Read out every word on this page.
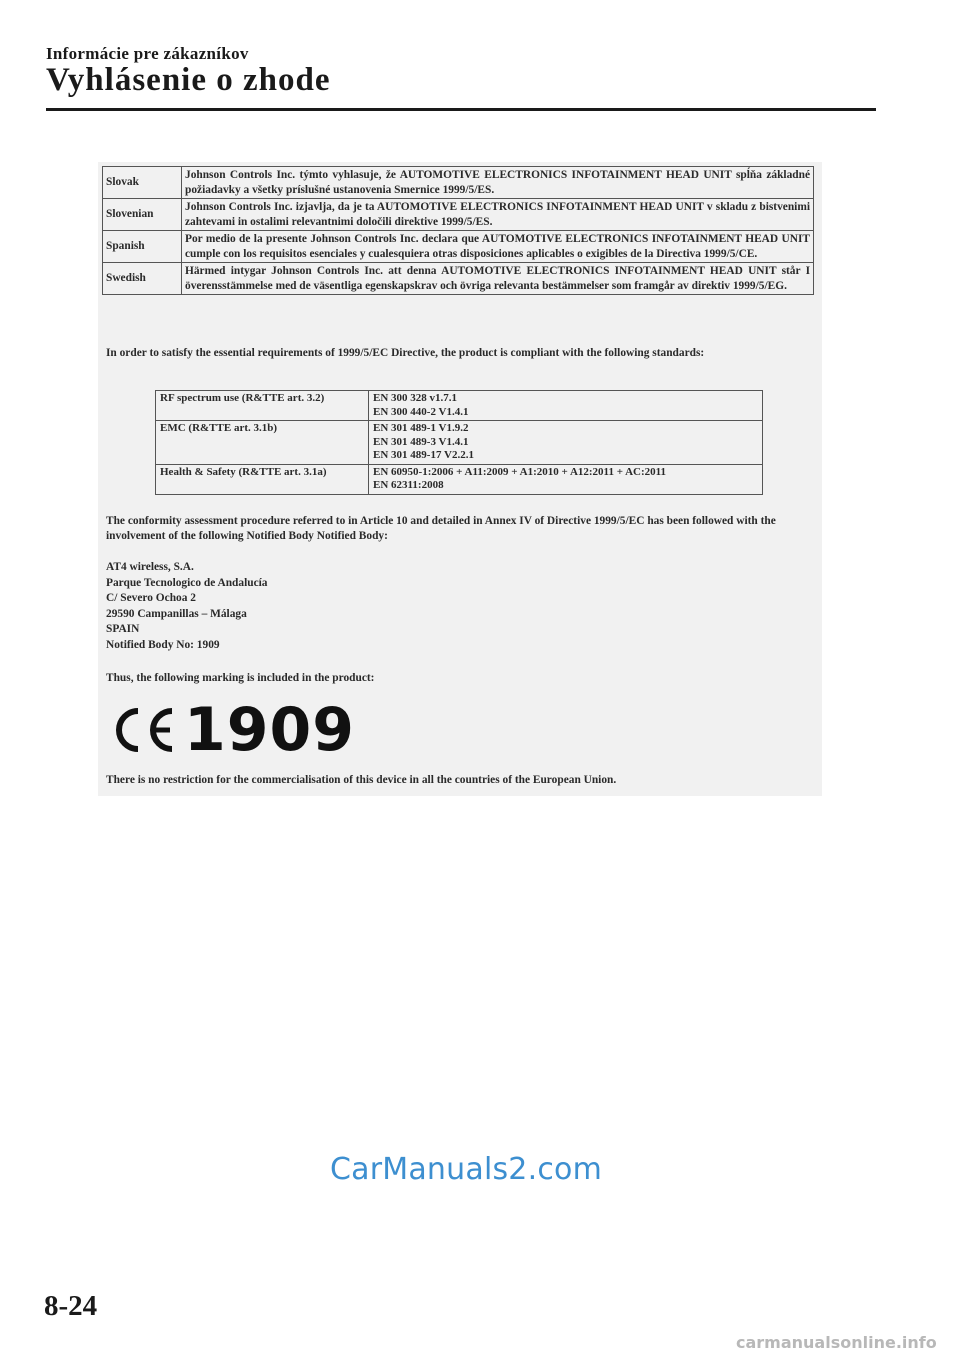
Informácie pre zákazníkov
Vyhlásenie o zhode
Slovak	Johnson Controls Inc. týmto vyhlasuje, že AUTOMOTIVE ELECTRONICS INFOTAINMENT HEAD UNIT spĺňa základné požiadavky a všetky príslušné ustanovenia Smernice 1999/5/ES.
Slovenian	Johnson Controls Inc. izjavlja, da je ta AUTOMOTIVE ELECTRONICS INFOTAINMENT HEAD UNIT v skladu z bistvenimi zahtevami in ostalimi relevantnimi določili direktive 1999/5/ES.
Spanish	Por medio de la presente Johnson Controls Inc. declara que AUTOMOTIVE ELECTRONICS INFOTAINMENT HEAD UNIT cumple con los requisitos esenciales y cualesquiera otras disposiciones aplicables o exigibles de la Directiva 1999/5/CE.
Swedish	Härmed intygar Johnson Controls Inc. att denna AUTOMOTIVE ELECTRONICS INFOTAINMENT HEAD UNIT står I överensstämmelse med de väsentliga egenskapskrav och övriga relevanta bestämmelser som framgår av direktiv 1999/5/EG.
In order to satisfy the essential requirements of 1999/5/EC Directive, the product is compliant with the following standards:
RF spectrum use (R&TTE art. 3.2)	EN 300 328 v1.7.1
EN 300 440-2 V1.4.1

EMC (R&TTE art. 3.1b)	EN 301 489-1 V1.9.2
EN 301 489-3 V1.4.1
EN 301 489-17 V2.2.1

Health & Safety (R&TTE art. 3.1a)	EN 60950-1:2006 + A11:2009 + A1:2010 + A12:2011 + AC:2011
EN 62311:2008
The conformity assessment procedure referred to in Article 10 and detailed in Annex IV of Directive 1999/5/EC has been followed with the involvement of the following Notified Body Notified Body:
AT4 wireless, S.A.
Parque Tecnologico de Andalucía
C/ Severo Ochoa 2
29590 Campanillas – Málaga
SPAIN
Notified Body No: 1909
Thus, the following marking is included in the product:
1909
There is no restriction for the commercialisation of this device in all the countries of the European Union.
CarManuals2.com
8-24
carmanualsonline.info
